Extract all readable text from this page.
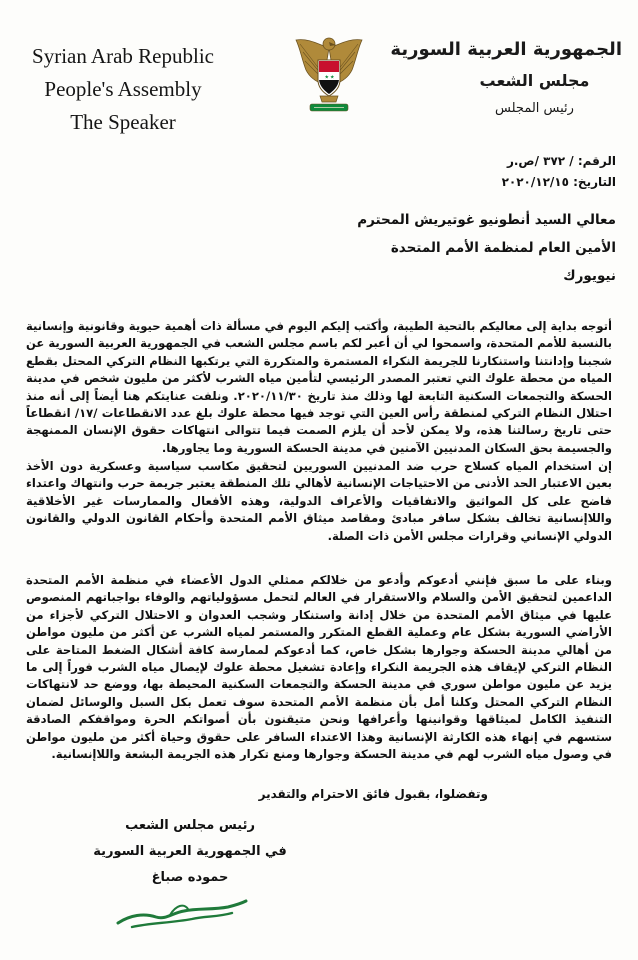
Syrian Arab Republic
People's Assembly
The Speaker
★ ★
الجمهورية العربية السورية
مجلس الشعب
رئيس المجلس
الرقم: / ٣٧٢ /ص.ر
التاريخ: ٢٠٢٠/١٢/١٥
معالي السيد أنطونيو غوتيريش المحترم
الأمين العام لمنظمة الأمم المتحدة
نيويورك
أتوجه بداية إلى معاليكم بالتحية الطيبة، وأكتب إليكم اليوم في مسألة ذات أهمية حيوية وقانونية وإنسانية بالنسبة للأمم المتحدة، واسمحوا لي أن أعبر لكم باسم مجلس الشعب في الجمهورية العربية السورية عن شجبنا وإدانتنا واستنكارنا للجريمة النكراء المستمرة والمتكررة التي يرتكبها النظام التركي المحتل بقطع المياه من محطة علوك التي تعتبر المصدر الرئيسي لتأمين مياه الشرب لأكثر من مليون شخص في مدينة الحسكة والتجمعات السكنية التابعة لها وذلك منذ تاريخ ٢٠٢٠/١١/٣٠. ونلفت عنايتكم هنا أيضاً إلى أنه منذ احتلال النظام التركي لمنطقة رأس العين التي توجد فيها محطة علوك بلغ عدد الانقطاعات /١٧/ انقطاعاً حتى تاريخ رسالتنا هذه، ولا يمكن لأحد أن يلزم الصمت فيما تتوالى انتهاكات حقوق الإنسان الممنهجة والجسيمة بحق السكان المدنيين الآمنين في مدينة الحسكة السورية وما يجاورها.
إن استخدام المياه كسلاح حرب ضد المدنيين السوريين لتحقيق مكاسب سياسية وعسكرية دون الأخذ بعين الاعتبار الحد الأدنى من الاحتياجات الإنسانية لأهالي تلك المنطقة يعتبر جريمة حرب وانتهاك واعتداء فاضح على كل المواثيق والاتفاقيات والأعراف الدولية، وهذه الأفعال والممارسات غير الأخلاقية واللاإنسانية تخالف بشكل سافر مبادئ ومقاصد ميثاق الأمم المتحدة وأحكام القانون الدولي والقانون الدولي الإنساني وقرارات مجلس الأمن ذات الصلة.
وبناء على ما سبق فإنني أدعوكم وأدعو من خلالكم ممثلي الدول الأعضاء في منظمة الأمم المتحدة الداعمين لتحقيق الأمن والسلام والاستقرار في العالم لتحمل مسؤولياتهم والوفاء بواجباتهم المنصوص عليها في ميثاق الأمم المتحدة من خلال إدانة واستنكار وشجب العدوان و الاحتلال التركي لأجزاء من الأراضي السورية بشكل عام وعملية القطع المتكرر والمستمر لمياه الشرب عن أكثر من مليون مواطن من أهالي مدينة الحسكة وجوارها بشكل خاص، كما أدعوكم لممارسة كافة أشكال الضغط المتاحة على النظام التركي لإيقاف هذه الجريمة النكراء وإعادة تشغيل محطة علوك لإيصال مياه الشرب فوراً إلى ما يزيد عن مليون مواطن سوري في مدينة الحسكة والتجمعات السكنية المحيطة بها، ووضع حد لانتهاكات النظام التركي المحتل وكلنا أمل بأن منظمة الأمم المتحدة سوف تعمل بكل السبل والوسائل لضمان التنفيذ الكامل لميثاقها وقوانينها وأعرافها ونحن متيقنون بأن أصواتكم الحرة ومواقفكم الصادقة ستسهم في إنهاء هذه الكارثة الإنسانية وهذا الاعتداء السافر على حقوق وحياة أكثر من مليون مواطن في وصول مياه الشرب لهم في مدينة الحسكة وجوارها ومنع تكرار هذه الجريمة البشعة واللاإنسانية.
وتفضلوا، بقبول فائق الاحترام والتقدير
رئيس مجلس الشعب
في الجمهورية العربية السورية
حموده صباغ
